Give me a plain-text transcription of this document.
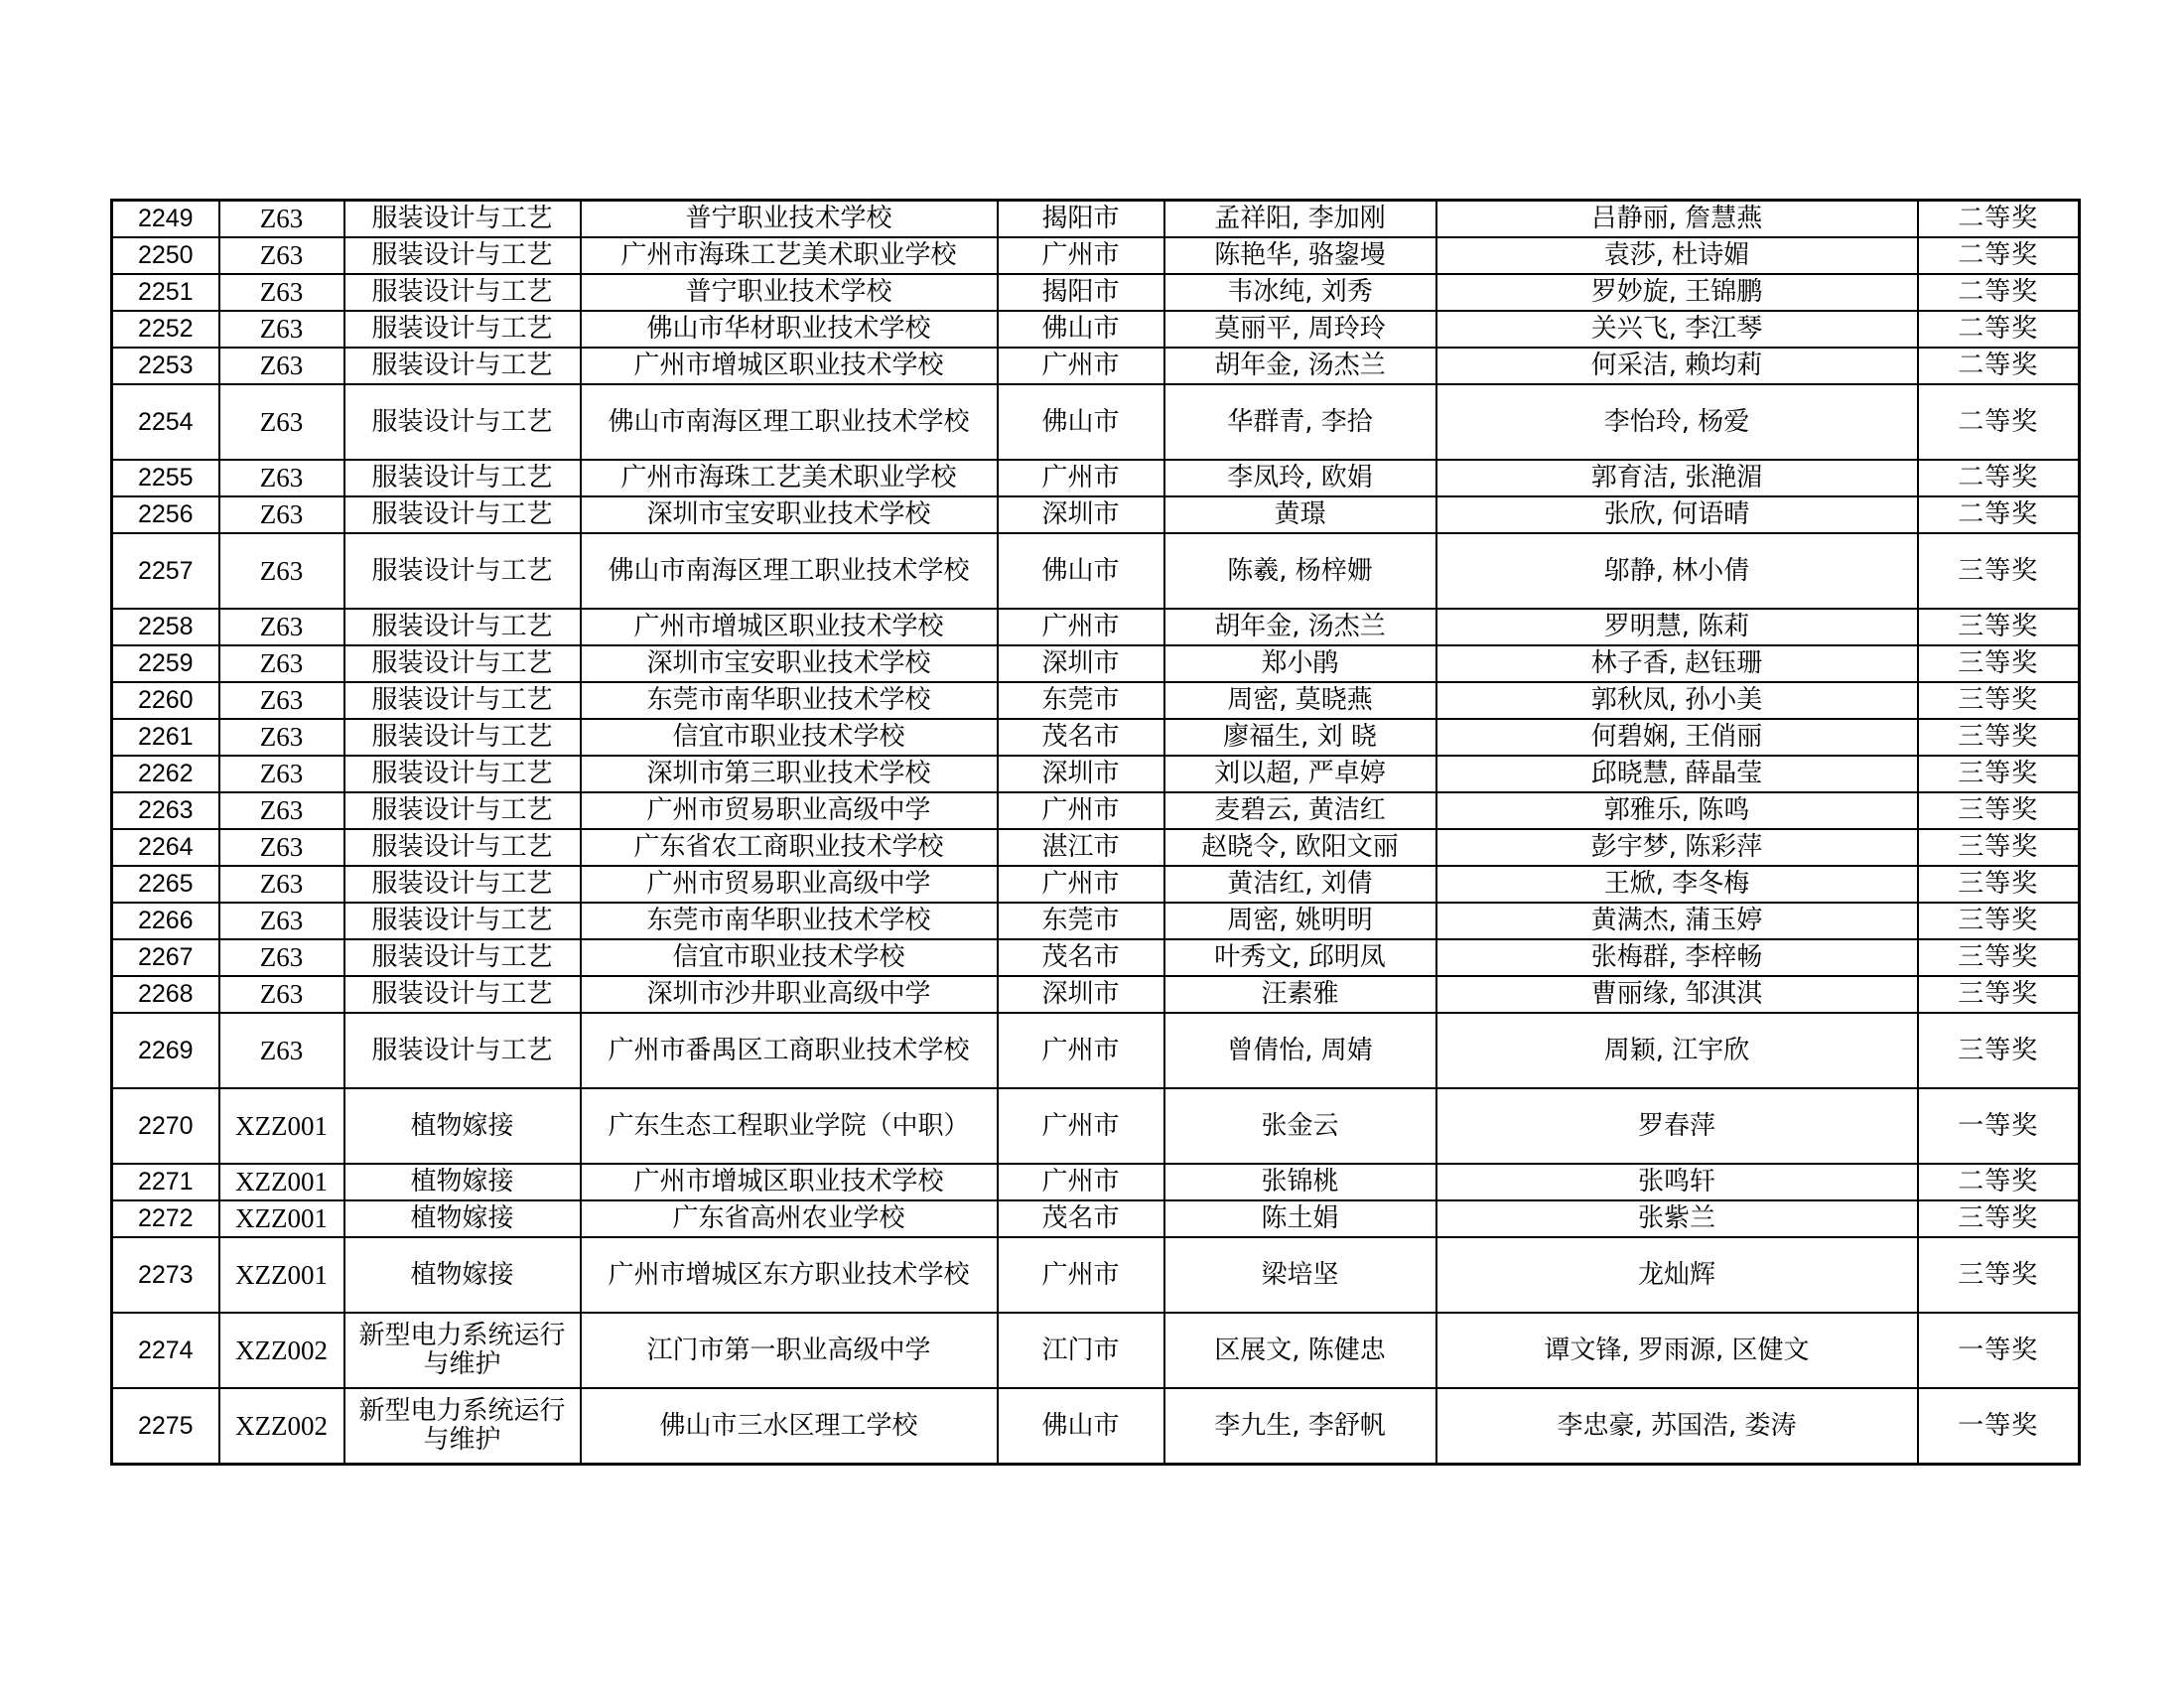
2249	Z63	服装设计与工艺	普宁职业技术学校	揭阳市	孟祥阳, 李加刚	吕静丽, 詹慧燕	二等奖
2250	Z63	服装设计与工艺	广州市海珠工艺美术职业学校	广州市	陈艳华, 骆鋆墁	袁莎, 杜诗媚	二等奖
2251	Z63	服装设计与工艺	普宁职业技术学校	揭阳市	韦冰纯, 刘秀	罗妙旋, 王锦鹏	二等奖
2252	Z63	服装设计与工艺	佛山市华材职业技术学校	佛山市	莫丽平, 周玲玲	关兴飞, 李江琴	二等奖
2253	Z63	服装设计与工艺	广州市增城区职业技术学校	广州市	胡年金, 汤杰兰	何采洁, 赖均莉	二等奖
2254	Z63	服装设计与工艺	佛山市南海区理工职业技术学校	佛山市	华群青, 李拾	李怡玲, 杨爱	二等奖
2255	Z63	服装设计与工艺	广州市海珠工艺美术职业学校	广州市	李凤玲, 欧娟	郭育洁, 张滟湄	二等奖
2256	Z63	服装设计与工艺	深圳市宝安职业技术学校	深圳市	黄璟	张欣, 何语晴	二等奖
2257	Z63	服装设计与工艺	佛山市南海区理工职业技术学校	佛山市	陈羲, 杨梓姗	邬静, 林小倩	三等奖
2258	Z63	服装设计与工艺	广州市增城区职业技术学校	广州市	胡年金, 汤杰兰	罗明慧, 陈莉	三等奖
2259	Z63	服装设计与工艺	深圳市宝安职业技术学校	深圳市	郑小鹃	林子香, 赵钰珊	三等奖
2260	Z63	服装设计与工艺	东莞市南华职业技术学校	东莞市	周密, 莫晓燕	郭秋凤, 孙小美	三等奖
2261	Z63	服装设计与工艺	信宜市职业技术学校	茂名市	廖福生, 刘 晓	何碧娴, 王俏丽	三等奖
2262	Z63	服装设计与工艺	深圳市第三职业技术学校	深圳市	刘以超, 严卓婷	邱晓慧, 薛晶莹	三等奖
2263	Z63	服装设计与工艺	广州市贸易职业高级中学	广州市	麦碧云, 黄洁红	郭雅乐, 陈鸣	三等奖
2264	Z63	服装设计与工艺	广东省农工商职业技术学校	湛江市	赵晓令, 欧阳文丽	彭宇梦, 陈彩萍	三等奖
2265	Z63	服装设计与工艺	广州市贸易职业高级中学	广州市	黄洁红, 刘倩	王焮, 李冬梅	三等奖
2266	Z63	服装设计与工艺	东莞市南华职业技术学校	东莞市	周密, 姚明明	黄满杰, 蒲玉婷	三等奖
2267	Z63	服装设计与工艺	信宜市职业技术学校	茂名市	叶秀文, 邱明凤	张梅群, 李梓畅	三等奖
2268	Z63	服装设计与工艺	深圳市沙井职业高级中学	深圳市	汪素雅	曹丽缘, 邹淇淇	三等奖
2269	Z63	服装设计与工艺	广州市番禺区工商职业技术学校	广州市	曾倩怡, 周婧	周颖, 江宇欣	三等奖
2270	XZZ001	植物嫁接	广东生态工程职业学院（中职）	广州市	张金云	罗春萍	一等奖
2271	XZZ001	植物嫁接	广州市增城区职业技术学校	广州市	张锦桃	张鸣轩	二等奖
2272	XZZ001	植物嫁接	广东省高州农业学校	茂名市	陈土娟	张紫兰	三等奖
2273	XZZ001	植物嫁接	广州市增城区东方职业技术学校	广州市	梁培坚	龙灿辉	三等奖
2274	XZZ002	新型电力系统运行与维护	江门市第一职业高级中学	江门市	区展文, 陈健忠	谭文锋, 罗雨源, 区健文	一等奖
2275	XZZ002	新型电力系统运行与维护	佛山市三水区理工学校	佛山市	李九生, 李舒帆	李忠豪, 苏国浩, 娄涛	一等奖
